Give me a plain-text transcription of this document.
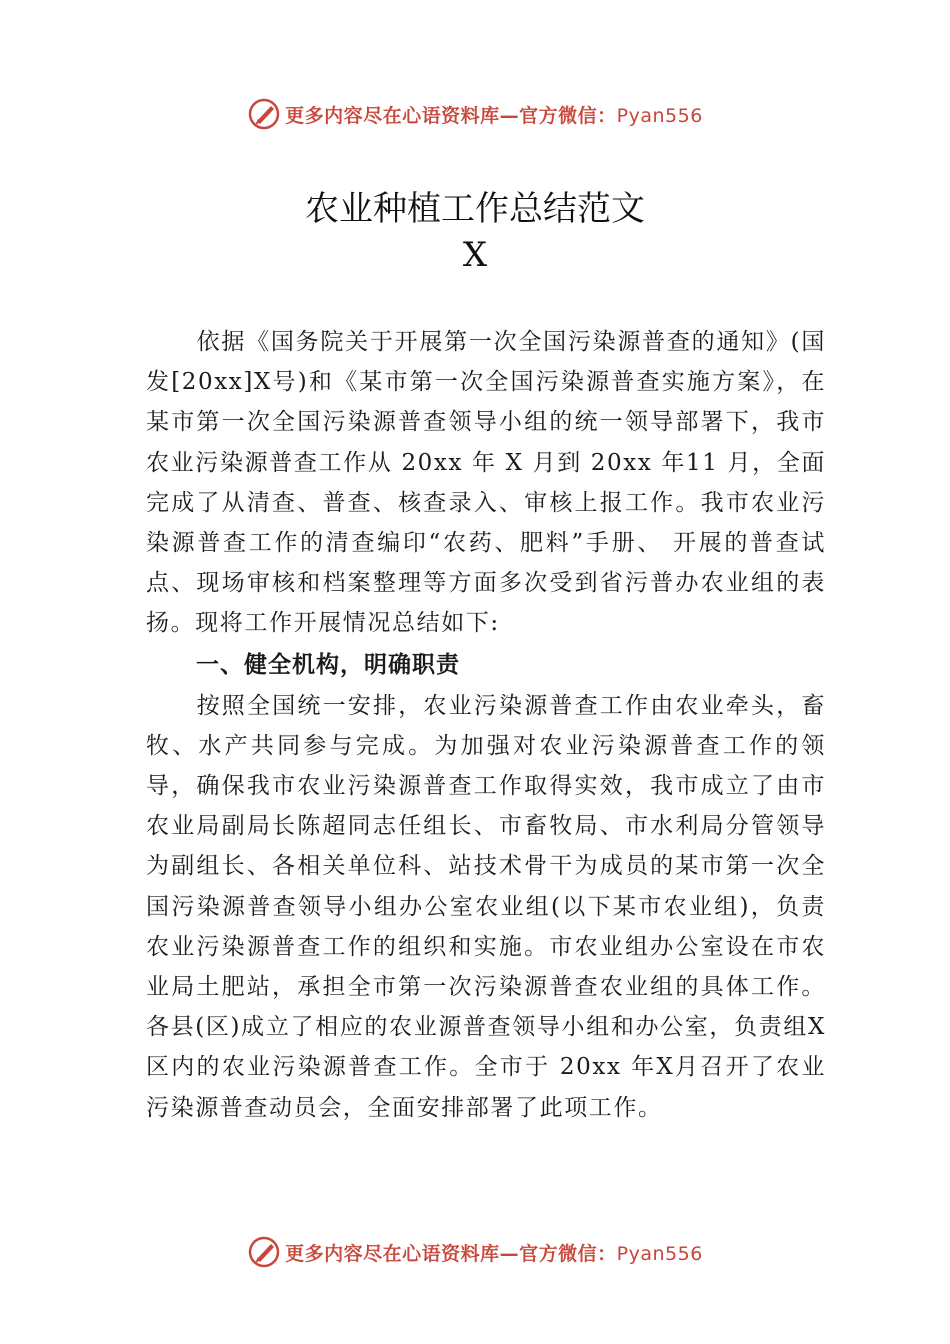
更多内容尽在心语资料库—官方微信：Pyan556
农业种植工作总结范文
X

依据《国务院关于开展第一次全国污染源普查的通知》(国发[20xx]X号)和《某市第一次全国污染源普查实施方案》，在某市第一次全国污染源普查领导小组的统一领导部署下，我市农业污染源普查工作从 20xx 年 X 月到 20xx 年11 月，全面完成了从清查、普查、核查录入、审核上报工作。我市农业污染源普查工作的清查编印“农药、肥料”手册、 开展的普查试点、现场审核和档案整理等方面多次受到省污普办农业组的表扬。现将工作开展情况总结如下:

一、健全机构，明确职责

按照全国统一安排，农业污染源普查工作由农业牵头，畜牧、水产共同参与完成。为加强对农业污染源普查工作的领导，确保我市农业污染源普查工作取得实效，我市成立了由市农业局副局长陈超同志任组长、市畜牧局、市水利局分管领导为副组长、各相关单位科、站技术骨干为成员的某市第一次全国污染源普查领导小组办公室农业组(以下某市农业组)，负责农业污染源普查工作的组织和实施。市农业组办公室设在市农业局土肥站，承担全市第一次污染源普查农业组的具体工作。各县(区)成立了相应的农业源普查领导小组和办公室，负责组X区内的农业污染源普查工作。全市于 20xx 年X月召开了农业污染源普查动员会，全面安排部署了此项工作。

更多内容尽在心语资料库—官方微信：Pyan556
